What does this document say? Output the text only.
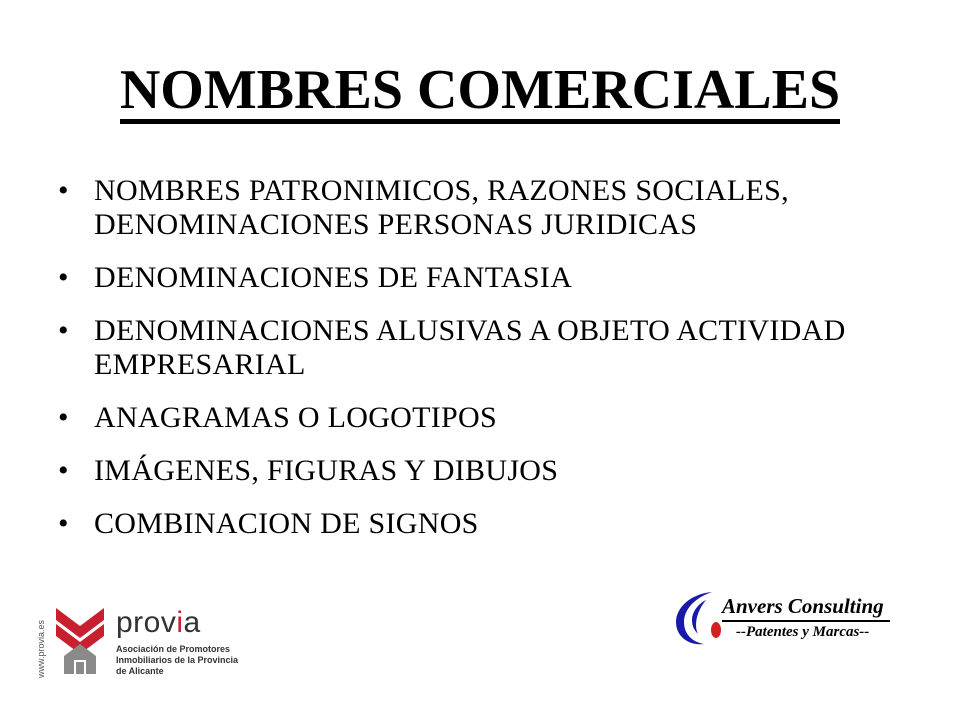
NOMBRES COMERCIALES
• NOMBRES PATRONIMICOS, RAZONES SOCIALES, DENOMINACIONES PERSONAS JURIDICAS
• DENOMINACIONES DE FANTASIA
• DENOMINACIONES ALUSIVAS A OBJETO ACTIVIDAD EMPRESARIAL
• ANAGRAMAS O LOGOTIPOS
• IMÁGENES, FIGURAS Y DIBUJOS
• COMBINACION DE SIGNOS
www.provia.es provia
Asociación de Promotores
Inmobiliarios de la Provincia
de Alicante
Anvers Consulting
--Patentes y Marcas--
